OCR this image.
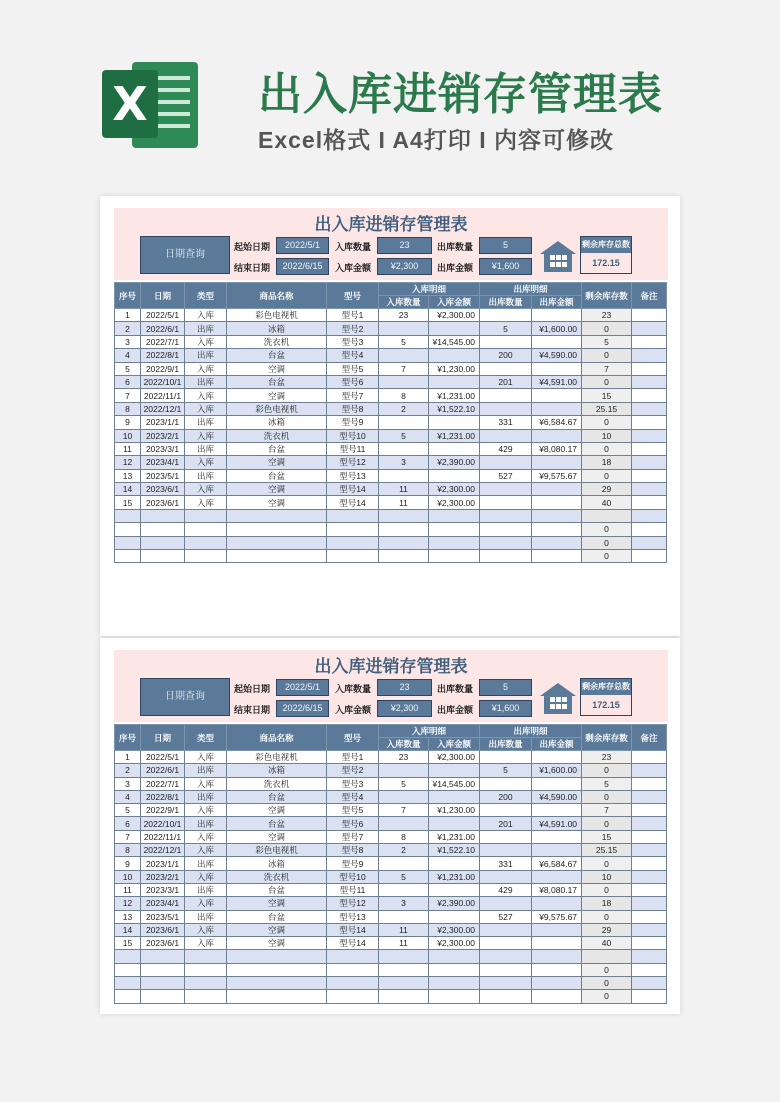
X	出入库进销存管理表
Excel格式 I A4打印 I 内容可修改
出入库进销存管理表
日期查询
起始日期	2022/5/1
结束日期	2022/6/15
入库数量	23
入库金额	¥2,300
出库数量	5
出库金额	¥1,600
剩余库存总数
172.15
序号	日期	类型	商品名称	型号	入库明细		出库明细		剩余库存数	备注
					入库数量	入库金额	出库数量	出库金额		
1	2022/5/1	入库	彩色电视机	型号1	23	¥2,300.00			23	
2	2022/6/1	出库	冰箱	型号2			5	¥1,600.00	0	
3	2022/7/1	入库	洗衣机	型号3	5	¥14,545.00			5	
4	2022/8/1	出库	台盆	型号4			200	¥4,590.00	0	
5	2022/9/1	入库	空调	型号5	7	¥1,230.00			7	
6	2022/10/1	出库	台盆	型号6			201	¥4,591.00	0	
7	2022/11/1	入库	空调	型号7	8	¥1,231.00			15	
8	2022/12/1	入库	彩色电视机	型号8	2	¥1,522.10			25.15	
9	2023/1/1	出库	冰箱	型号9			331	¥6,584.67	0	
10	2023/2/1	入库	洗衣机	型号10	5	¥1,231.00			10	
11	2023/3/1	出库	台盆	型号11			429	¥8,080.17	0	
12	2023/4/1	入库	空调	型号12	3	¥2,390.00			18	
13	2023/5/1	出库	台盆	型号13			527	¥9,575.67	0	
14	2023/6/1	入库	空调	型号14	11	¥2,300.00			29	
15	2023/6/1	入库	空调	型号14	11	¥2,300.00			40	

									0	
									0	
									0	
出入库进销存管理表
日期查询
起始日期	2022/5/1
结束日期	2022/6/15
入库数量	23
入库金额	¥2,300
出库数量	5
出库金额	¥1,600
剩余库存总数
172.15
序号	日期	类型	商品名称	型号	入库明细		出库明细		剩余库存数	备注
					入库数量	入库金额	出库数量	出库金额		
1	2022/5/1	入库	彩色电视机	型号1	23	¥2,300.00			23	
2	2022/6/1	出库	冰箱	型号2			5	¥1,600.00	0	
3	2022/7/1	入库	洗衣机	型号3	5	¥14,545.00			5	
4	2022/8/1	出库	台盆	型号4			200	¥4,590.00	0	
5	2022/9/1	入库	空调	型号5	7	¥1,230.00			7	
6	2022/10/1	出库	台盆	型号6			201	¥4,591.00	0	
7	2022/11/1	入库	空调	型号7	8	¥1,231.00			15	
8	2022/12/1	入库	彩色电视机	型号8	2	¥1,522.10			25.15	
9	2023/1/1	出库	冰箱	型号9			331	¥6,584.67	0	
10	2023/2/1	入库	洗衣机	型号10	5	¥1,231.00			10	
11	2023/3/1	出库	台盆	型号11			429	¥8,080.17	0	
12	2023/4/1	入库	空调	型号12	3	¥2,390.00			18	
13	2023/5/1	出库	台盆	型号13			527	¥9,575.67	0	
14	2023/6/1	入库	空调	型号14	11	¥2,300.00			29	
15	2023/6/1	入库	空调	型号14	11	¥2,300.00			40	

									0	
									0	
									0	
